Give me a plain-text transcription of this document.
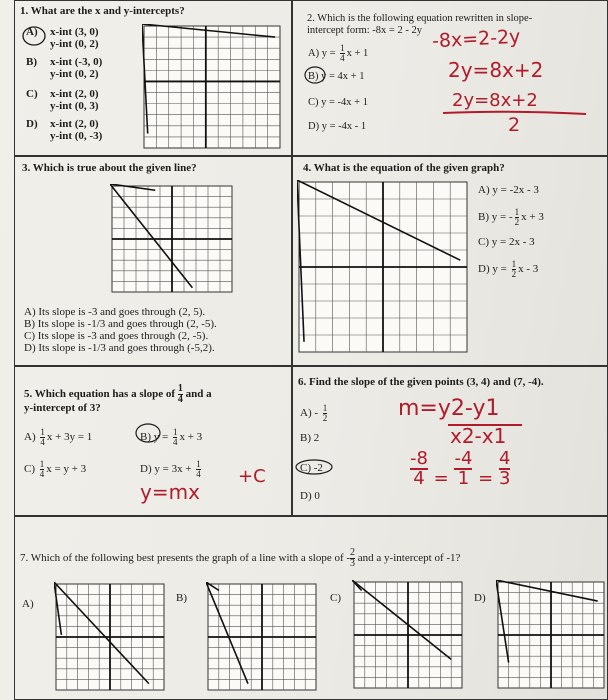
1. What are the x and y-intercepts?
A) x-int (3, 0)
y-int (0, 2)
B) x-int (-3, 0)
y-int (0, 2)
C) x-int (2, 0)
y-int (0, 3)
D) x-int (2, 0)
y-int (0, -3)
2. Which is the following equation rewritten in slope-
intercept form: -8x = 2 - 2y
A) $y = \frac{1}{4}$ x + 1
B) y = 4x + 1
C) y = -4x + 1
D) y = -4x - 1
-8x=2-2y
2y=8x+2
2y=8x+2
2
3. Which is true about the given line?
A) Its slope is -3 and goes through (2, 5).
B) Its slope is -1/3 and goes through (2, -5).
C) Its slope is -3 and goes through (2, -5).
D) Its slope is -1/3 and goes through (-5,2).
4. What is the equation of the given graph?
A) y = -2x - 3
B) y = - $\frac{1}{2}$ x + 3
C) y = 2x - 3
D) $y = \frac{1}{2}$ x - 3
5. Which equation has a slope of $\frac{1}{4}$ and a
y-intercept of 3?
$A) \frac{1}{4}$ x + 3y = 1	B) $y = \frac{1}{4}$ x + 3
$C) \frac{1}{4}$ x = y + 3	D) $y = 3x + \frac{1}{4}$
y=mx
+C
6. Find the slope of the given points (3, 4) and (7, -4).
$A) - \frac{1}{2}$
B) 2
C) -2
D) 0
m=y2-y1
x2-x1
$\frac{-8}{4} = \frac{-4}{1} = \frac{4}{3}$
7. Which of the following best presents the graph of a line with a slope of - $\frac{2}{3}$ and a y-intercept of -1?
A)	B)	C)	D)
